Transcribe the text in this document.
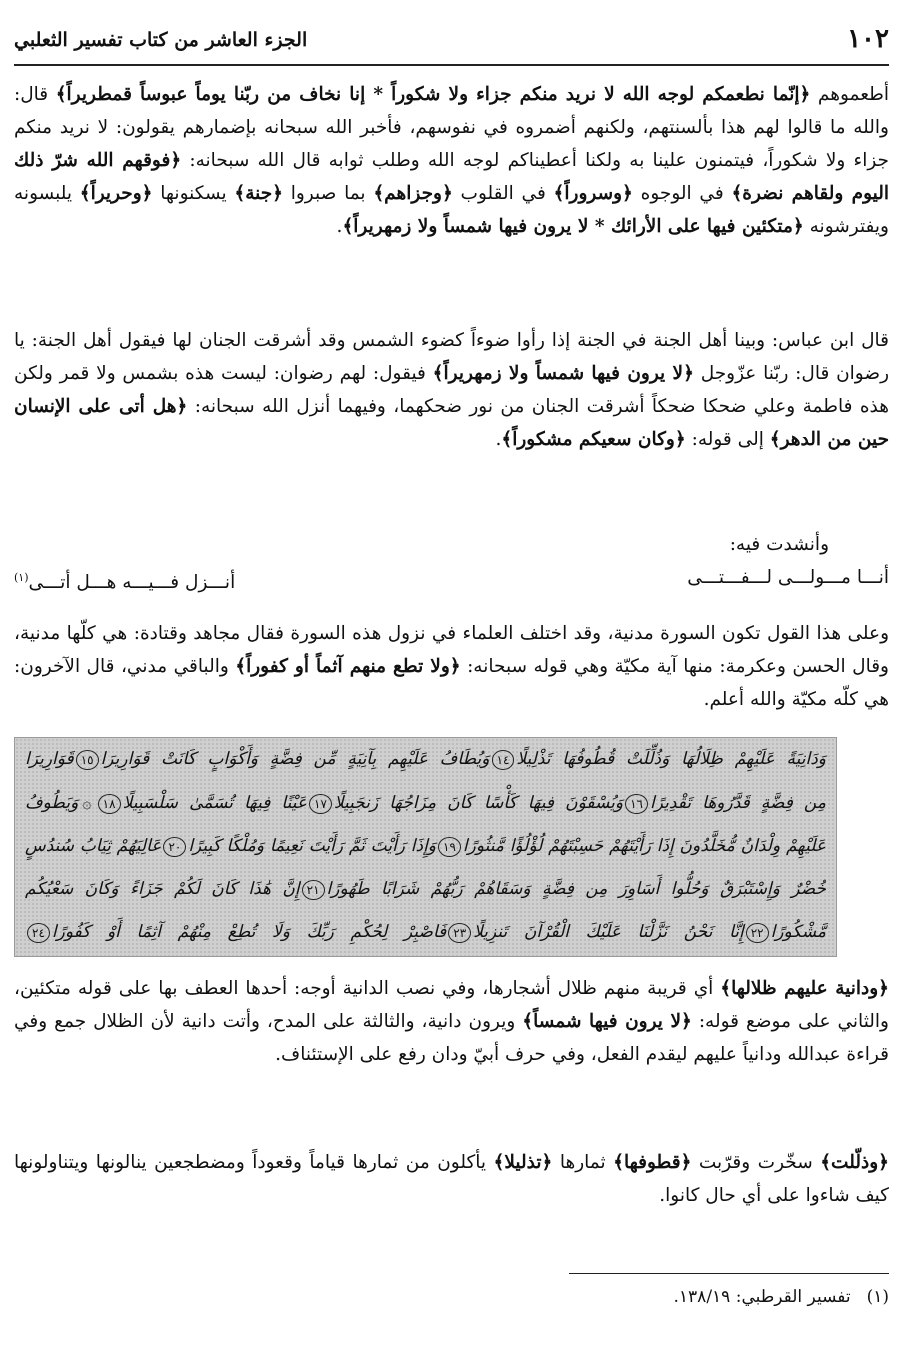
١٠٢
الجزء العاشر من كتاب تفسير الثعلبي

أطعموهم ﴿إنّما نطعمكم لوجه الله لا نريد منكم جزاء ولا شكوراً * إنا نخاف من ربّنا يوماً عبوساً قمطريراً﴾ قال: والله ما قالوا لهم هذا بألسنتهم، ولكنهم أضمروه في نفوسهم، فأخبر الله سبحانه بإضمارهم يقولون: لا نريد منكم جزاء ولا شكوراً، فيتمنون علينا به ولكنا أعطيناكم لوجه الله وطلب ثوابه قال الله سبحانه: ﴿فوقهم الله شرّ ذلك اليوم ولقاهم نضرة﴾ في الوجوه ﴿وسروراً﴾ في القلوب ﴿وجزاهم﴾ بما صبروا ﴿جنة﴾ يسكنونها ﴿وحريراً﴾ يلبسونه ويفترشونه ﴿متكئين فيها على الأرائك * لا يرون فيها شمساً ولا زمهريراً﴾.

قال ابن عباس: وبينا أهل الجنة في الجنة إذا رأوا ضوءاً كضوء الشمس وقد أشرقت الجنان لها فيقول أهل الجنة: يا رضوان قال: ربّنا عزّوجل ﴿لا يرون فيها شمساً ولا زمهريراً﴾ فيقول: لهم رضوان: ليست هذه بشمس ولا قمر ولكن هذه فاطمة وعلي ضحكا ضحكاً أشرقت الجنان من نور ضحكهما، وفيهما أنزل الله سبحانه: ﴿هل أتى على الإنسان حين من الدهر﴾ إلى قوله: ﴿وكان سعيكم مشكوراً﴾.

وأنشدت فيه:

أنـــا مـــولـــى لـــفـــتـــى
أنـــزل فـــيـــه هـــل أتـــى$^{(١)}$

وعلى هذا القول تكون السورة مدنية، وقد اختلف العلماء في نزول هذه السورة فقال مجاهد وقتادة: هي كلّها مدنية، وقال الحسن وعكرمة: منها آية مكيّة وهي قوله سبحانه: ﴿ولا تطع منهم آثماً أو كفوراً﴾ والباقي مدني، قال الآخرون: هي كلّه مكيّة والله أعلم.

وَدَانِيَةً عَلَيْهِمْ ظِلَالُهَا وَذُلِّلَتْ قُطُوفُهَا تَذْلِيلًا١٤وَيُطَافُ عَلَيْهِم بِآنِيَةٍ مِّن فِضَّةٍ وَأَكْوَابٍ كَانَتْ قَوَارِيرَا١٥قَوَارِيرَا

مِن فِضَّةٍ قَدَّرُوهَا تَقْدِيرًا١٦وَيُسْقَوْنَ فِيهَا كَأْسًا كَانَ مِزَاجُهَا زَنجَبِيلًا١٧عَيْنًا فِيهَا تُسَمَّىٰ سَلْسَبِيلًا١٨۞وَيَطُوفُ

عَلَيْهِمْ وِلْدَانٌ مُّخَلَّدُونَ إِذَا رَأَيْتَهُمْ حَسِبْتَهُمْ لُؤْلُؤًا مَّنثُورًا١٩وَإِذَا رَأَيْتَ ثَمَّ رَأَيْتَ نَعِيمًا وَمُلْكًا كَبِيرًا٢٠عَالِيَهُمْ ثِيَابُ سُندُسٍ

خُضْرٌ وَإِسْتَبْرَقٌ وَحُلُّوا أَسَاوِرَ مِن فِضَّةٍ وَسَقَاهُمْ رَبُّهُمْ شَرَابًا طَهُورًا٢١إِنَّ هَٰذَا كَانَ لَكُمْ جَزَاءً وَكَانَ سَعْيُكُم

مَّشْكُورًا٢٢إِنَّا نَحْنُ نَزَّلْنَا عَلَيْكَ الْقُرْآنَ تَنزِيلًا٢٣فَاصْبِرْ لِحُكْمِ رَبِّكَ وَلَا تُطِعْ مِنْهُمْ آثِمًا أَوْ كَفُورًا٢٤

﴿ودانية عليهم ظلالها﴾ أي قريبة منهم ظلال أشجارها، وفي نصب الدانية أوجه: أحدها العطف بها على قوله متكئين، والثاني على موضع قوله: ﴿لا يرون فيها شمساً﴾ ويرون دانية، والثالثة على المدح، وأتت دانية لأن الظلال جمع وفي قراءة عبدالله ودانياً عليهم ليقدم الفعل، وفي حرف أبيّ ودان رفع على الإستئناف.

﴿وذلّلت﴾ سخّرت وقرّبت ﴿قطوفها﴾ ثمارها ﴿تذليلا﴾ يأكلون من ثمارها قياماً وقعوداً ومضطجعين ينالونها ويتناولونها كيف شاءوا على أي حال كانوا.

(١)تفسير القرطبي: ١٣٨/١٩.
